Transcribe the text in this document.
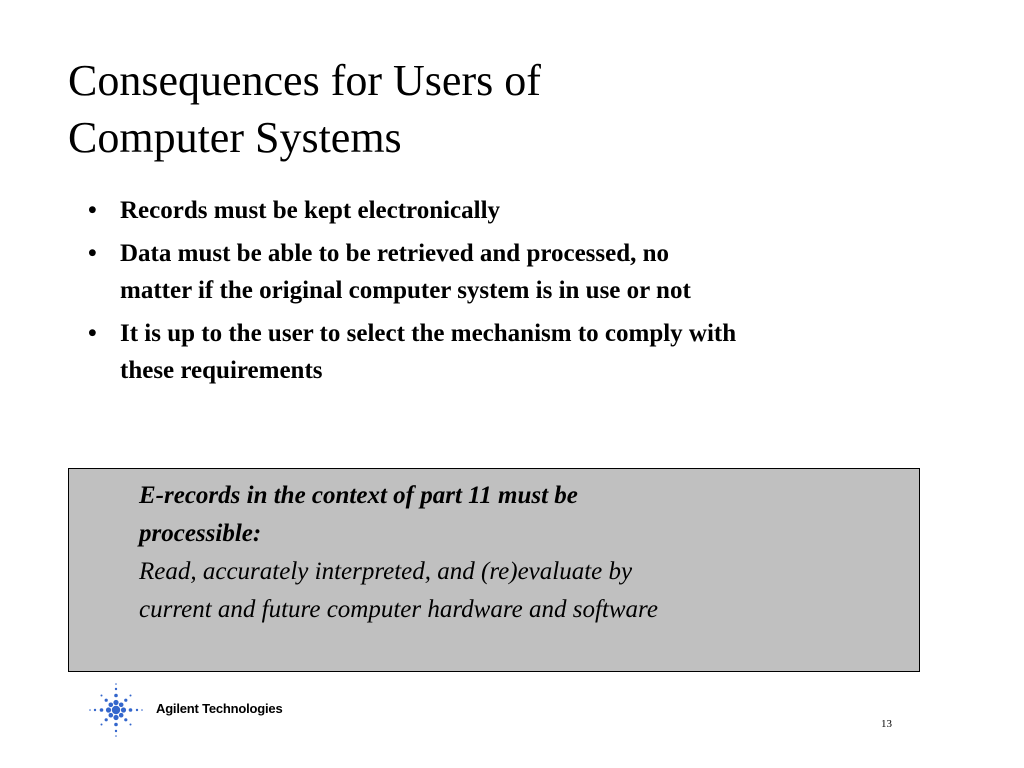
Consequences for Users of
Computer Systems
• Records must be kept electronically
• Data must be able to be retrieved and processed, no
matter if the original computer system is in use or not
• It is up to the user to select the mechanism to comply with
these requirements
E-records in the context of part 11 must be
processible:
Read, accurately interpreted, and (re)evaluate by
current and future computer hardware and software
Agilent Technologies
13
